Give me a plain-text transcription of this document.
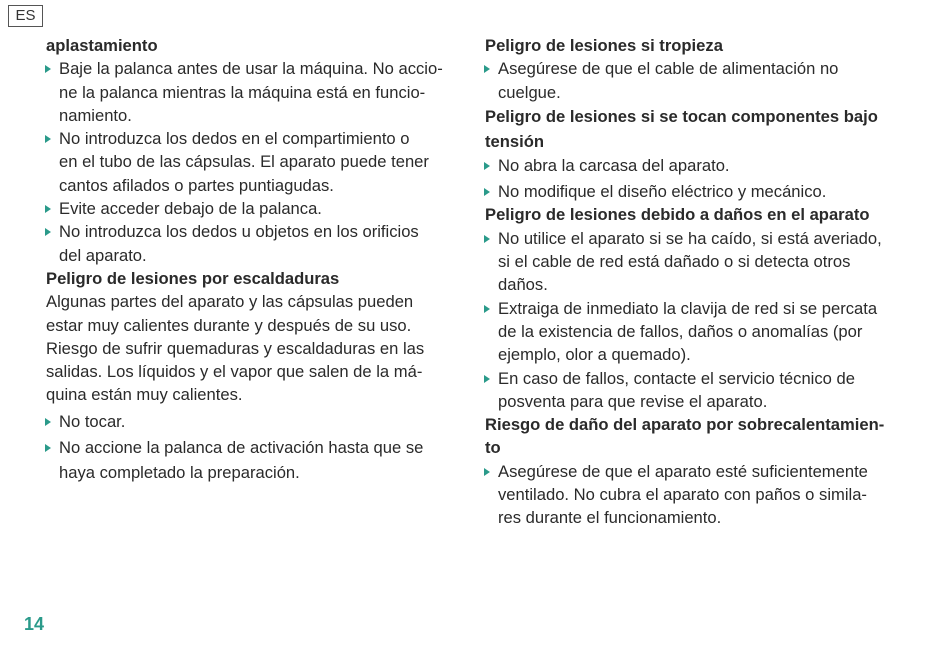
ES
aplastamiento
Baje la palanca antes de usar la máquina. No accio-
ne la palanca mientras la máquina está en funcio-
namiento.
No introduzca los dedos en el compartimiento o
en el tubo de las cápsulas. El aparato puede tener
cantos afilados o partes puntiagudas.
Evite acceder debajo de la palanca.
No introduzca los dedos u objetos en los orificios
del aparato.
Peligro de lesiones por escaldaduras
Algunas partes del aparato y las cápsulas pueden
estar muy calientes durante y después de su uso.
Riesgo de sufrir quemaduras y escaldaduras en las
salidas. Los líquidos y el vapor que salen de la má-
quina están muy calientes.
No tocar.
No accione la palanca de activación hasta que se
haya completado la preparación.
Peligro de lesiones si tropieza
Asegúrese de que el cable de alimentación no
cuelgue.
Peligro de lesiones si se tocan componentes bajo
tensión
No abra la carcasa del aparato.
No modifique el diseño eléctrico y mecánico.
Peligro de lesiones debido a daños en el aparato
No utilice el aparato si se ha caído, si está averiado,
si el cable de red está dañado o si detecta otros
daños.
Extraiga de inmediato la clavija de red si se percata
de la existencia de fallos, daños o anomalías (por
ejemplo, olor a quemado).
En caso de fallos, contacte el servicio técnico de
posventa para que revise el aparato.
Riesgo de daño del aparato por sobrecalentamien-
to
Asegúrese de que el aparato esté suficientemente
ventilado. No cubra el aparato con paños o simila-
res durante el funcionamiento.
14
